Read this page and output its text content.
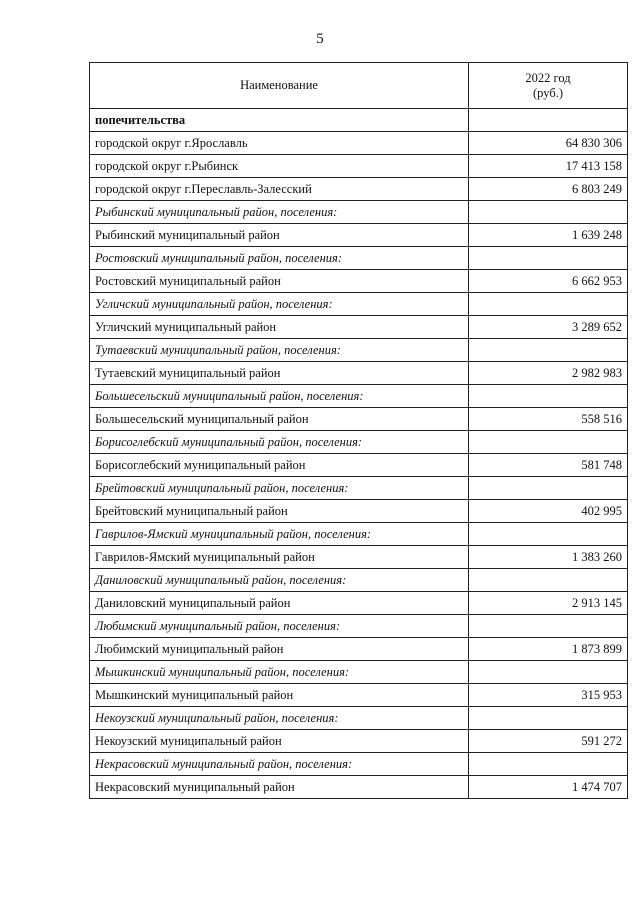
5
Наименование	2022 год
(руб.)
попечительства	
городской округ г.Ярославль	64 830 306
городской округ г.Рыбинск	17 413 158
городской округ г.Переславль-Залесский	6 803 249
Рыбинский муниципальный район, поселения:	
Рыбинский муниципальный район	1 639 248
Ростовский муниципальный район, поселения:	
Ростовский муниципальный район	6 662 953
Угличский муниципальный район, поселения:	
Угличский муниципальный район	3 289 652
Тутаевский муниципальный район, поселения:	
Тутаевский муниципальный район	2 982 983
Большесельский муниципальный район, поселения:	
Большесельский муниципальный район	558 516
Борисоглебский муниципальный район, поселения:	
Борисоглебский муниципальный район	581 748
Брейтовский муниципальный район, поселения:	
Брейтовский муниципальный район	402 995
Гаврилов-Ямский муниципальный район, поселения:	
Гаврилов-Ямский муниципальный район	1 383 260
Даниловский муниципальный район, поселения:	
Даниловский муниципальный район	2 913 145
Любимский муниципальный район, поселения:	
Любимский муниципальный район	1 873 899
Мышкинский муниципальный район, поселения:	
Мышкинский муниципальный район	315 953
Некоузский муниципальный район, поселения:	
Некоузский муниципальный район	591 272
Некрасовский муниципальный район, поселения:	
Некрасовский муниципальный район	1 474 707
